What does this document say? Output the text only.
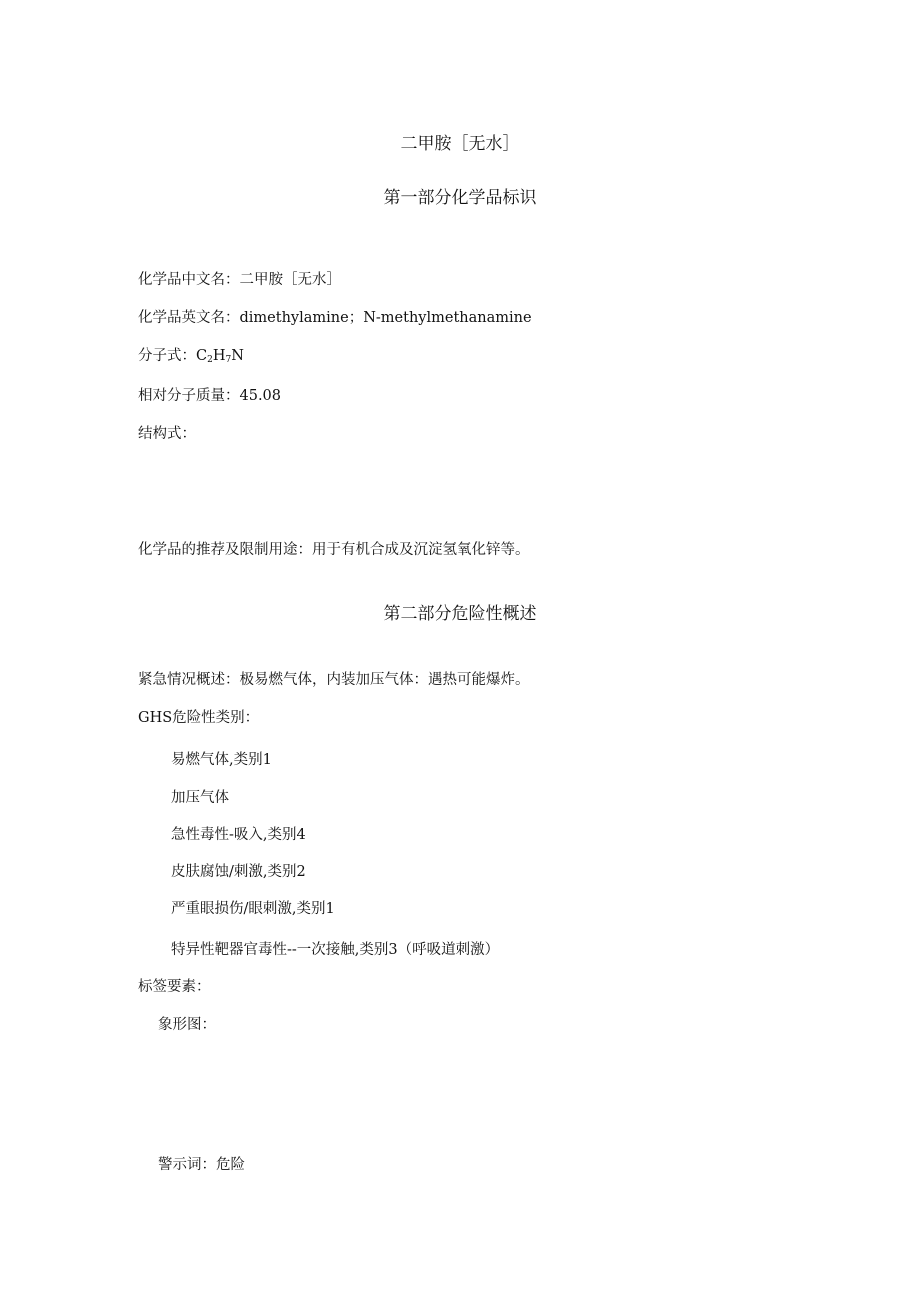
二甲胺［无水］
第一部分化学品标识
化学品中文名：二甲胺［无水］
化学品英文名：dimethylamine；N-methylmethanamine
分子式：$C_2H_7N$
相对分子质量：45.08
结构式：
化学品的推荐及限制用途：用于有机合成及沉淀氢氧化锌等。
第二部分危险性概述
紧急情况概述：极易燃气体，内装加压气体：遇热可能爆炸。
GHS危险性类别：
易燃气体,类别1
加压气体
急性毒性-吸入,类别4
皮肤腐蚀/刺激,类别2
严重眼损伤/眼刺激,类别1
特异性靶器官毒性--一次接触,类别3（呼吸道刺激）
标签要素：
象形图：
警示词：危险
